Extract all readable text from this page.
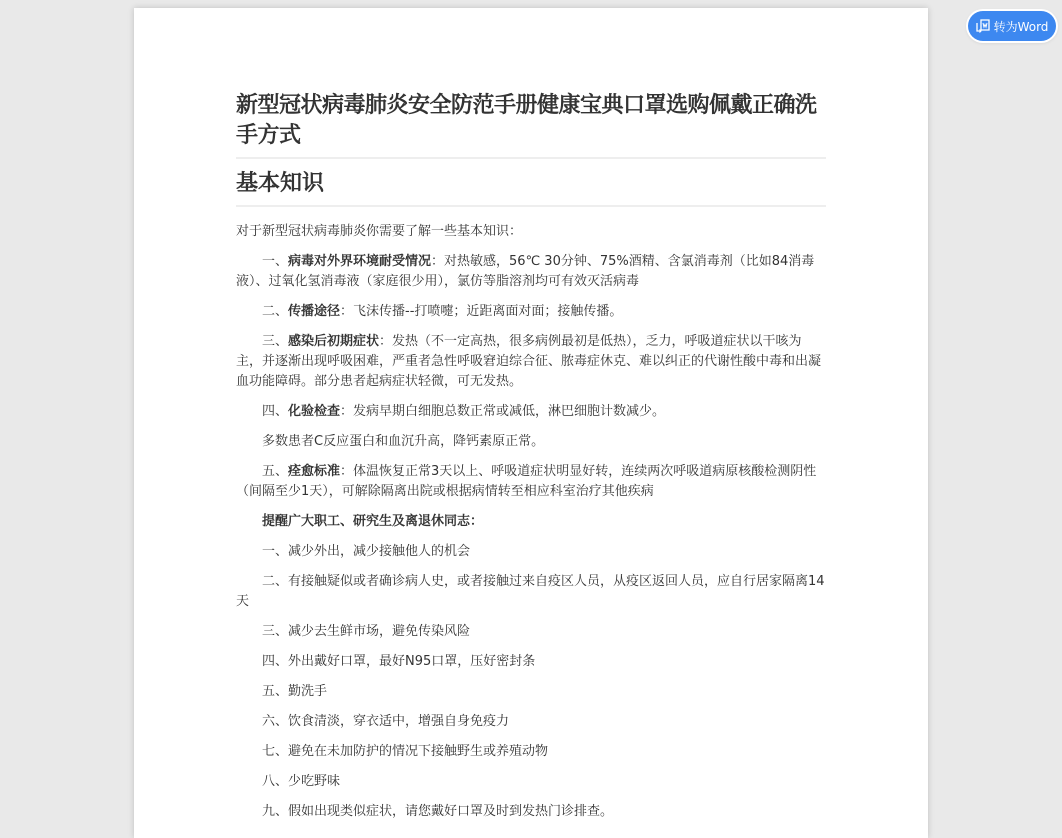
新型冠状病毒肺炎安全防范手册健康宝典口罩选购佩戴正确洗手方式
基本知识

对于新型冠状病毒肺炎你需要了解一些基本知识：

一、病毒对外界环境耐受情况：对热敏感，56℃ 30分钟、75%酒精、含氯消毒剂（比如84消毒液）、过氧化氢消毒液（家庭很少用），氯仿等脂溶剂均可有效灭活病毒

二、传播途径：飞沫传播--打喷嚏；近距离面对面；接触传播。

三、感染后初期症状：发热（不一定高热，很多病例最初是低热），乏力，呼吸道症状以干咳为主，并逐渐出现呼吸困难，严重者急性呼吸窘迫综合征、脓毒症休克、难以纠正的代谢性酸中毒和出凝血功能障碍。部分患者起病症状轻微，可无发热。

四、化验检查：发病早期白细胞总数正常或减低，淋巴细胞计数减少。

多数患者C反应蛋白和血沉升高，降钙素原正常。

五、痊愈标准：体温恢复正常3天以上、呼吸道症状明显好转，连续两次呼吸道病原核酸检测阴性（间隔至少1天），可解除隔离出院或根据病情转至相应科室治疗其他疾病

提醒广大职工、研究生及离退休同志：

一、减少外出，减少接触他人的机会

二、有接触疑似或者确诊病人史，或者接触过来自疫区人员，从疫区返回人员，应自行居家隔离14天

三、减少去生鲜市场，避免传染风险

四、外出戴好口罩，最好N95口罩，压好密封条

五、勤洗手

六、饮食清淡，穿衣适中，增强自身免疫力

七、避免在未加防护的情况下接触野生或养殖动物

八、少吃野味

九、假如出现类似症状，请您戴好口罩及时到发热门诊排查。

转为Word
